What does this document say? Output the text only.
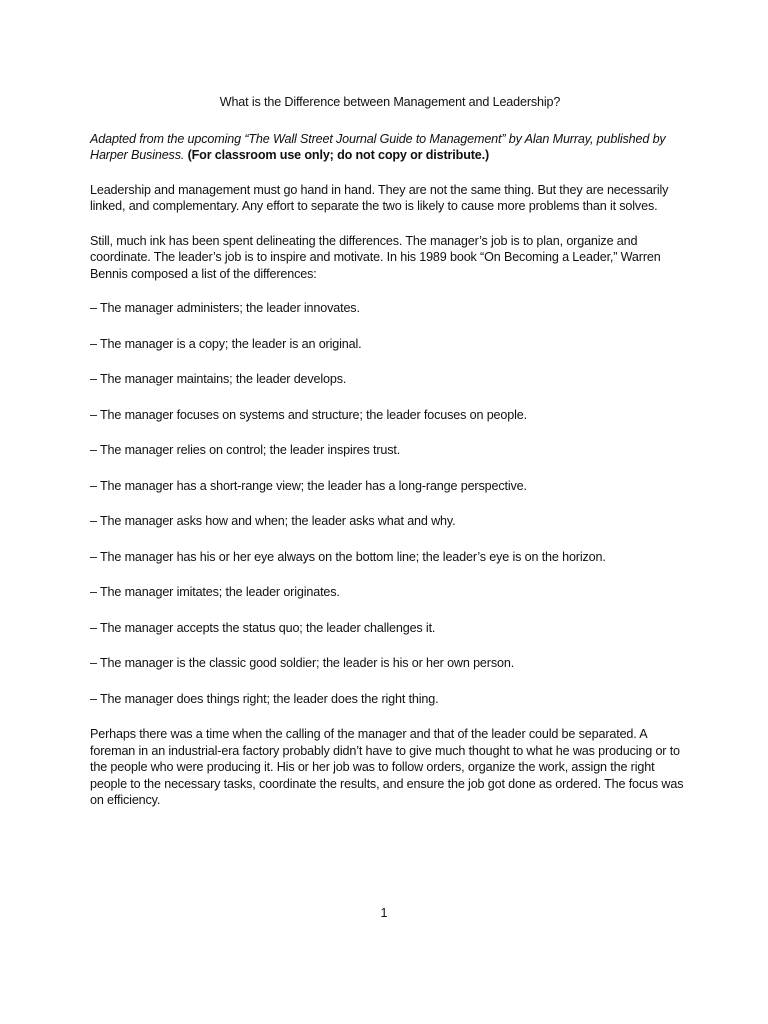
What is the Difference between Management and Leadership?

Adapted from the upcoming “The Wall Street Journal Guide to Management” by Alan Murray, published by Harper Business. (For classroom use only; do not copy or distribute.)

Leadership and management must go hand in hand. They are not the same thing. But they are necessarily linked, and complementary. Any effort to separate the two is likely to cause more problems than it solves.

Still, much ink has been spent delineating the differences. The manager’s job is to plan, organize and coordinate. The leader’s job is to inspire and motivate. In his 1989 book “On Becoming a Leader,” Warren Bennis composed a list of the differences:

– The manager administers; the leader innovates.
– The manager is a copy; the leader is an original.
– The manager maintains; the leader develops.
– The manager focuses on systems and structure; the leader focuses on people.
– The manager relies on control; the leader inspires trust.
– The manager has a short-range view; the leader has a long-range perspective.
– The manager asks how and when; the leader asks what and why.
– The manager has his or her eye always on the bottom line; the leader’s eye is on the horizon.
– The manager imitates; the leader originates.
– The manager accepts the status quo; the leader challenges it.
– The manager is the classic good soldier; the leader is his or her own person.
– The manager does things right; the leader does the right thing.

Perhaps there was a time when the calling of the manager and that of the leader could be separated. A foreman in an industrial-era factory probably didn’t have to give much thought to what he was producing or to the people who were producing it. His or her job was to follow orders, organize the work, assign the right people to the necessary tasks, coordinate the results, and ensure the job got done as ordered. The focus was on efficiency.

1
